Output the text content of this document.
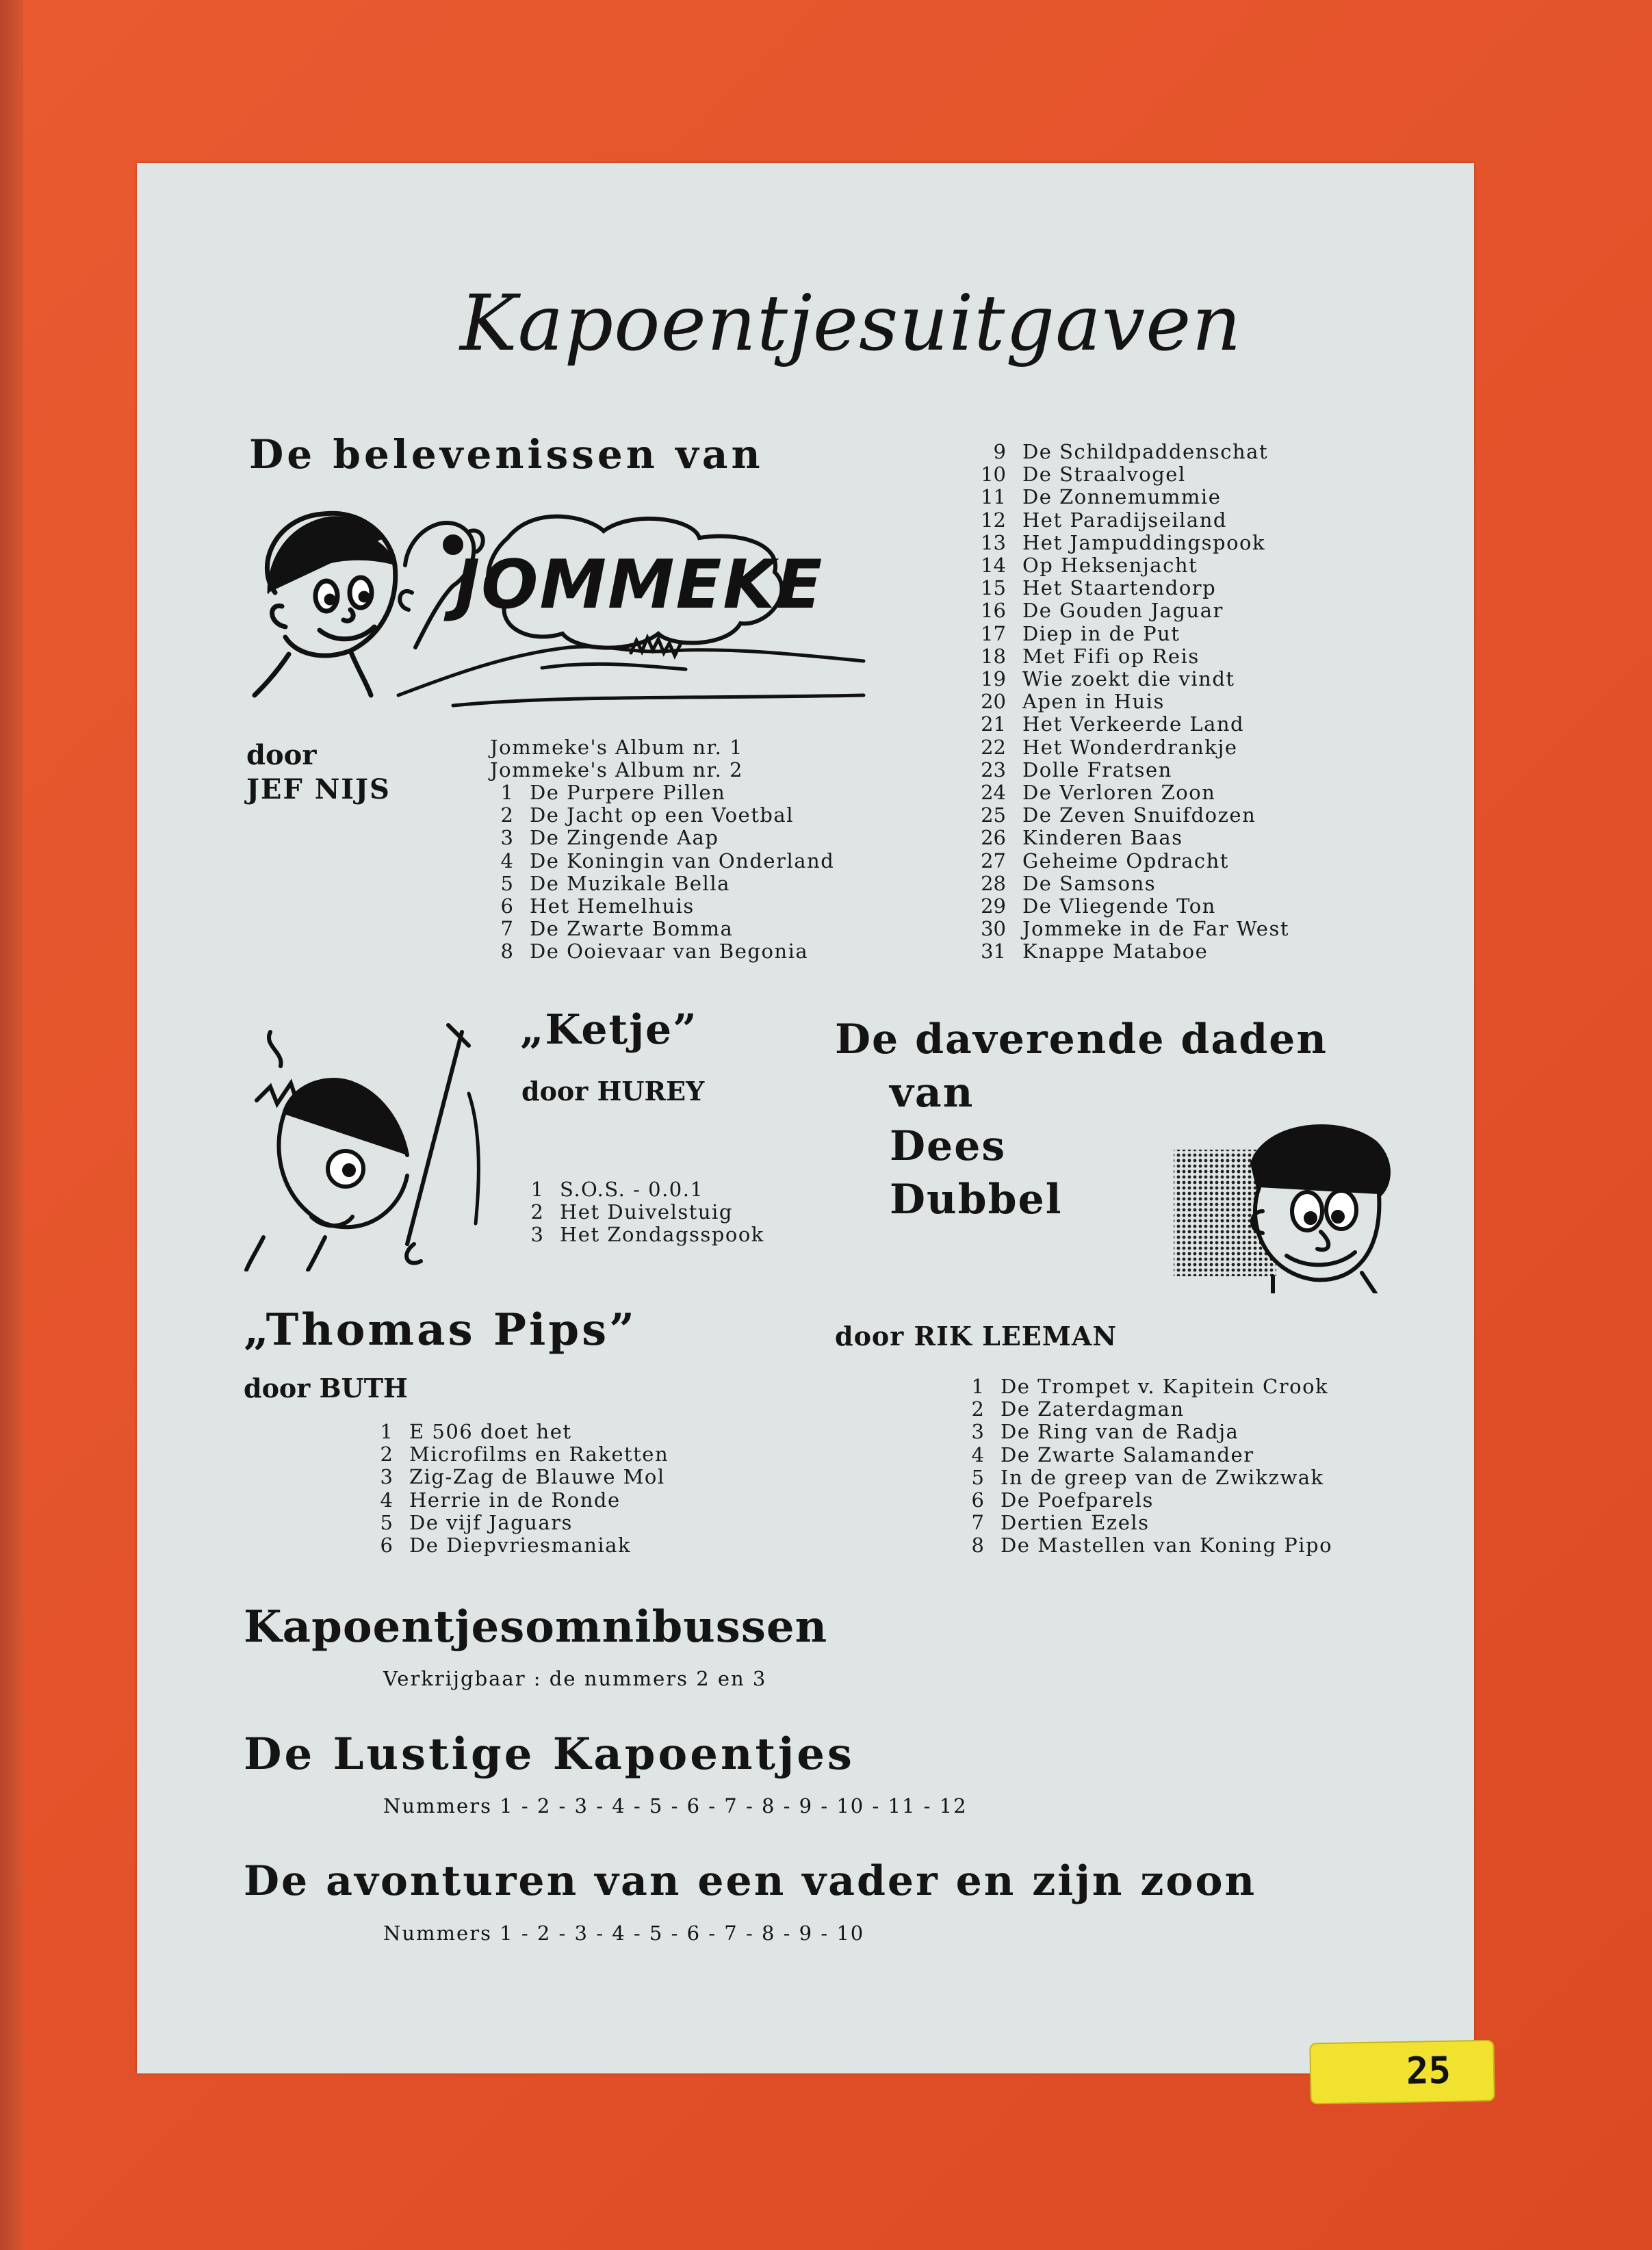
Kapoentjesuitgaven
De belevenissen van
JOMMEKE
door
JEF NIJS
Jommeke's Album nr. 1
Jommeke's Album nr. 2
1 De Purpere Pillen
2 De Jacht op een Voetbal
3 De Zingende Aap
4 De Koningin van Onderland
5 De Muzikale Bella
6 Het Hemelhuis
7 De Zwarte Bomma
8 De Ooievaar van Begonia
9 De Schildpaddenschat
10 De Straalvogel
11 De Zonnemummie
12 Het Paradijseiland
13 Het Jampuddingspook
14 Op Heksenjacht
15 Het Staartendorp
16 De Gouden Jaguar
17 Diep in de Put
18 Met Fifi op Reis
19 Wie zoekt die vindt
20 Apen in Huis
21 Het Verkeerde Land
22 Het Wonderdrankje
23 Dolle Fratsen
24 De Verloren Zoon
25 De Zeven Snuifdozen
26 Kinderen Baas
27 Geheime Opdracht
28 De Samsons
29 De Vliegende Ton
30 Jommeke in de Far West
31 Knappe Mataboe
„Ketje”
door HUREY
1 S.O.S. - 0.0.1
2 Het Duivelstuig
3 Het Zondagsspook
De daverende daden
van
Dees
Dubbel
door RIK LEEMAN
1 De Trompet v. Kapitein Crook
2 De Zaterdagman
3 De Ring van de Radja
4 De Zwarte Salamander
5 In de greep van de Zwikzwak
6 De Poefparels
7 Dertien Ezels
8 De Mastellen van Koning Pipo
„Thomas Pips”
door BUTH
1 E 506 doet het
2 Microfilms en Raketten
3 Zig-Zag de Blauwe Mol
4 Herrie in de Ronde
5 De vijf Jaguars
6 De Diepvriesmaniak
Kapoentjesomnibussen
Verkrijgbaar : de nummers 2 en 3
De Lustige Kapoentjes
Nummers 1 - 2 - 3 - 4 - 5 - 6 - 7 - 8 - 9 - 10 - 11 - 12
De avonturen van een vader en zijn zoon
Nummers 1 - 2 - 3 - 4 - 5 - 6 - 7 - 8 - 9 - 10
25
